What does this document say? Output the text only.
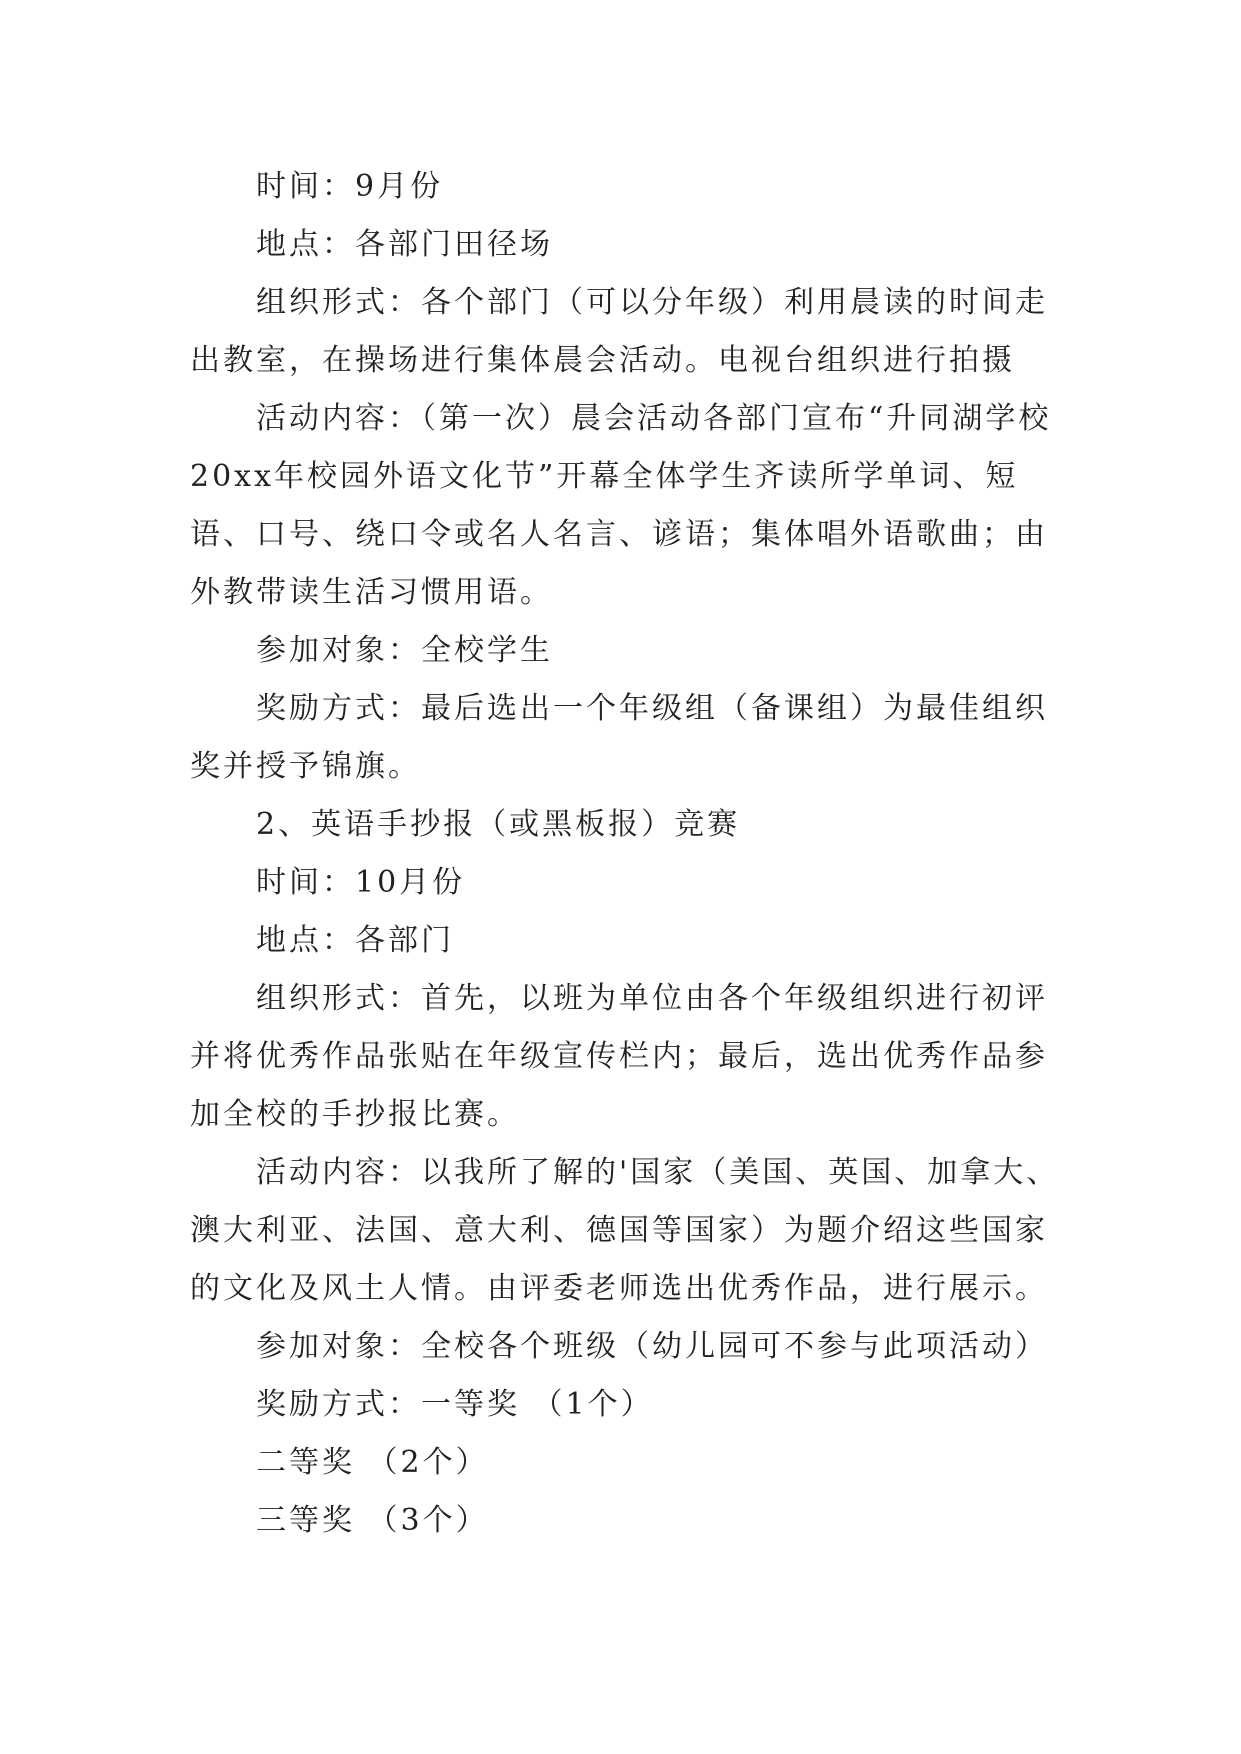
时间：9月份

地点：各部门田径场

组织形式：各个部门（可以分年级）利用晨读的时间走出教室，在操场进行集体晨会活动。电视台组织进行拍摄

活动内容：（第一次）晨会活动各部门宣布“升同湖学校20xx年校园外语文化节”开幕全体学生齐读所学单词、短语、口号、绕口令或名人名言、谚语；集体唱外语歌曲；由外教带读生活习惯用语。

参加对象：全校学生

奖励方式：最后选出一个年级组（备课组）为最佳组织奖并授予锦旗。

2、英语手抄报（或黑板报）竞赛

时间：10月份

地点：各部门

组织形式：首先，以班为单位由各个年级组织进行初评并将优秀作品张贴在年级宣传栏内；最后，选出优秀作品参加全校的手抄报比赛。

活动内容：以我所了解的'国家（美国、英国、加拿大、澳大利亚、法国、意大利、德国等国家）为题介绍这些国家的文化及风土人情。由评委老师选出优秀作品，进行展示。

参加对象：全校各个班级（幼儿园可不参与此项活动）

奖励方式：一等奖 （1个）

二等奖 （2个）

三等奖 （3个）
